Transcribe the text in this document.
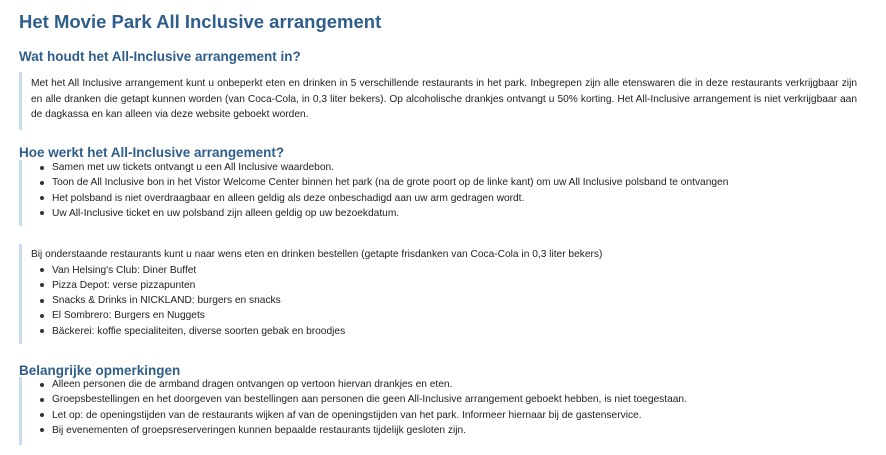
Het Movie Park All Inclusive arrangement
Wat houdt het All-Inclusive arrangement in?

Met het All Inclusive arrangement kunt u onbeperkt eten en drinken in 5 verschillende restaurants in het park. Inbegrepen zijn alle etenswaren die in deze restaurants verkrijgbaar zijn en alle dranken die getapt kunnen worden (van Coca-Cola, in 0,3 liter bekers). Op alcoholische drankjes ontvangt u 50% korting. Het All-Inclusive arrangement is niet verkrijgbaar aan de dagkassa en kan alleen via deze website geboekt worden.

Hoe werkt het All-Inclusive arrangement?
Samen met uw tickets ontvangt u een All Inclusive waardebon.
Toon de All Inclusive bon in het Vistor Welcome Center binnen het park (na de grote poort op de linke kant) om uw All Inclusive polsband te ontvangen
Het polsband is niet overdraagbaar en alleen geldig als deze onbeschadigd aan uw arm gedragen wordt.
Uw All-Inclusive ticket en uw polsband zijn alleen geldig op uw bezoekdatum.

Bij onderstaande restaurants kunt u naar wens eten en drinken bestellen (getapte frisdanken van Coca-Cola in 0,3 liter bekers)

Van Helsing's Club: Diner Buffet
Pizza Depot: verse pizzapunten
Snacks & Drinks in NICKLAND: burgers en snacks
El Sombrero: Burgers en Nuggets
Bäckerei: koffie specialiteiten, diverse soorten gebak en broodjes
Belangrijke opmerkingen
Alleen personen die de armband dragen ontvangen op vertoon hiervan drankjes en eten.
Groepsbestellingen en het doorgeven van bestellingen aan personen die geen All-Inclusive arrangement geboekt hebben, is niet toegestaan.
Let op: de openingstijden van de restaurants wijken af van de openingstijden van het park. Informeer hiernaar bij de gastenservice.
Bij evenementen of groepsreserveringen kunnen bepaalde restaurants tijdelijk gesloten zijn.
